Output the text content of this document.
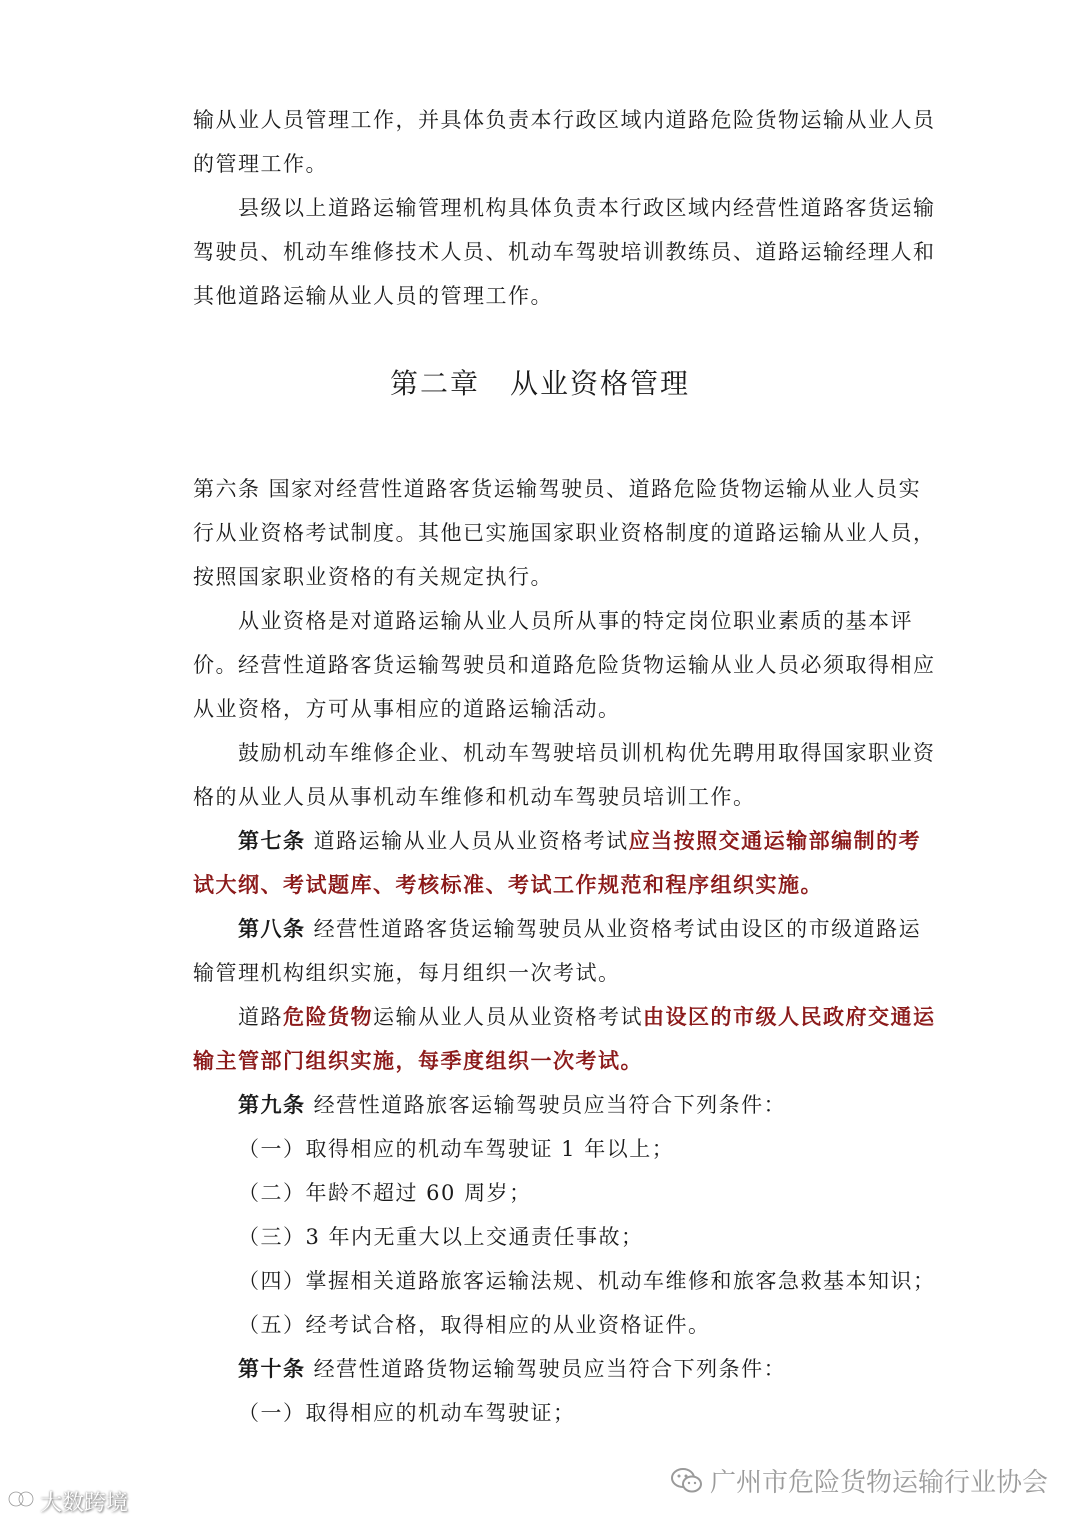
输从业人员管理工作，并具体负责本行政区域内道路危险货物运输从业人员的管理工作。

县级以上道路运输管理机构具体负责本行政区域内经营性道路客货运输驾驶员、机动车维修技术人员、机动车驾驶培训教练员、道路运输经理人和其他道路运输从业人员的管理工作。

第二章　从业资格管理

第六条 国家对经营性道路客货运输驾驶员、道路危险货物运输从业人员实行从业资格考试制度。其他已实施国家职业资格制度的道路运输从业人员，按照国家职业资格的有关规定执行。

从业资格是对道路运输从业人员所从事的特定岗位职业素质的基本评价。 经营性道路客货运输驾驶员和道路危险货物运输从业人员必须取得相应从业资格，方可从事相应的道路运输活动。

鼓励机动车维修企业、机动车驾驶培员训机构优先聘用取得国家职业资格的从业人员从事机动车维修和机动车驾驶员培训工作。

第七条 道路运输从业人员从业资格考试应当按照交通运输部编制的考试大纲、考试题库、考核标准、考试工作规范和程序组织实施。

第八条 经营性道路客货运输驾驶员从业资格考试由设区的市级道路运输管理机构组织实施，每月组织一次考试。

道路危险货物运输从业人员从业资格考试由设区的市级人民政府交通运输主管部门组织实施，每季度组织一次考试。

第九条 经营性道路旅客运输驾驶员应当符合下列条件：

（一）取得相应的机动车驾驶证 1 年以上；

（二）年龄不超过 60 周岁；

（三）3 年内无重大以上交通责任事故；

（四）掌握相关道路旅客运输法规、机动车维修和旅客急救基本知识；

（五）经考试合格，取得相应的从业资格证件。

第十条 经营性道路货物运输驾驶员应当符合下列条件：

（一）取得相应的机动车驾驶证；

大数跨境
广州市危险货物运输行业协会
